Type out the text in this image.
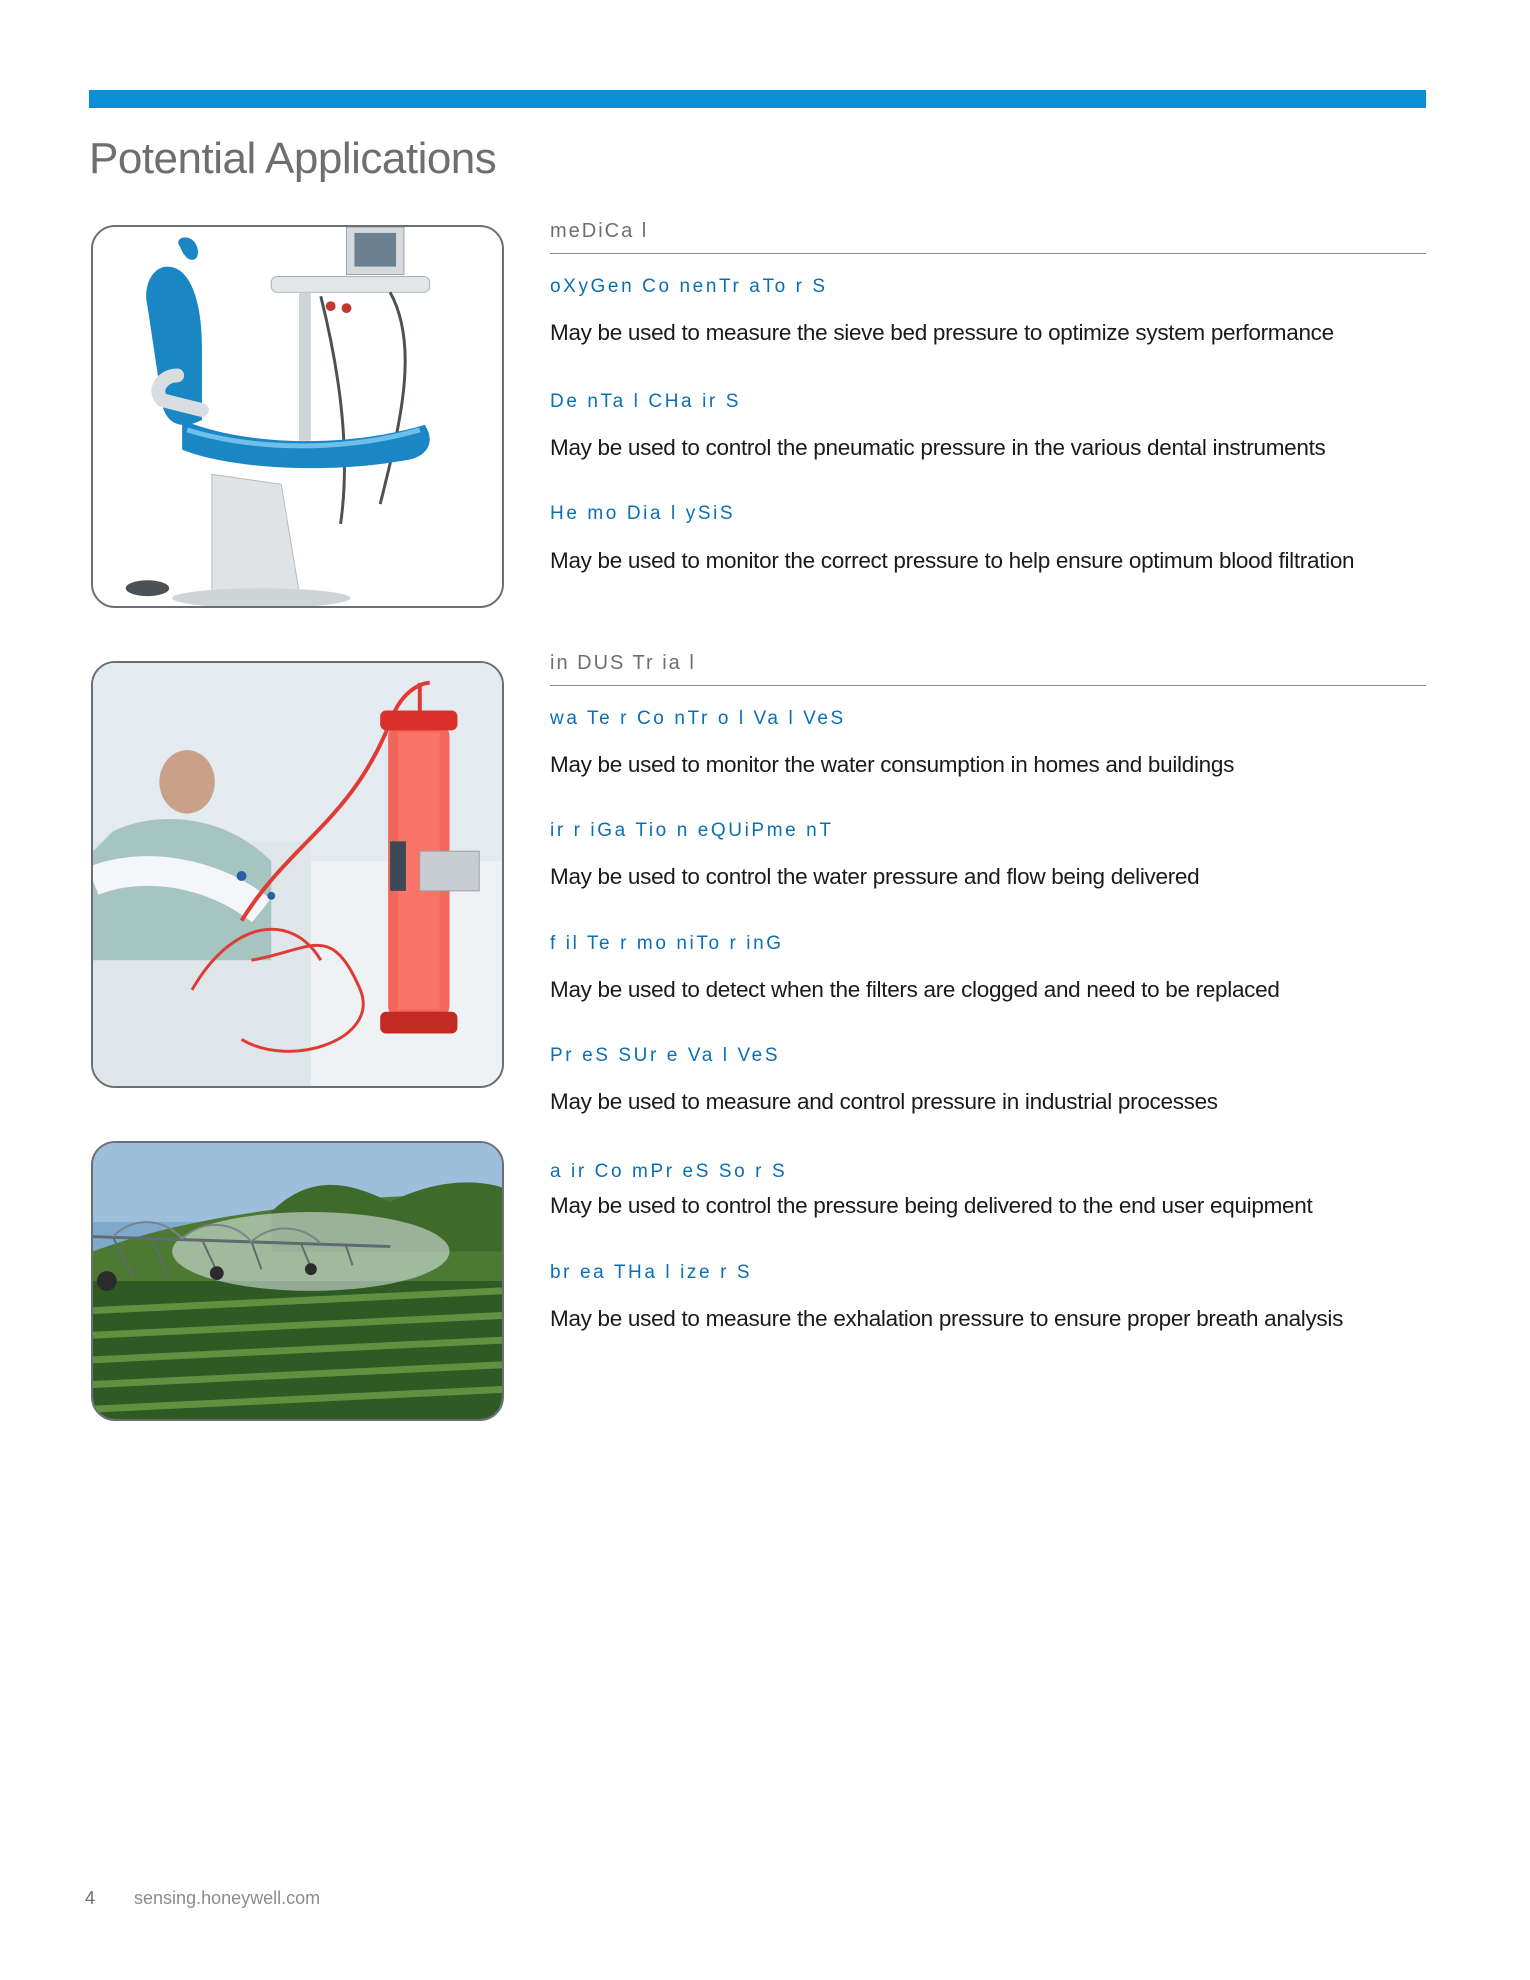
Potential Applications
meDiCa l
oXyGen Co nenTr aTo r S
May be used to measure the sieve bed pressure to optimize system performance
De nTa l CHa ir S
May be used to control the pneumatic pressure in the various dental instruments
He mo Dia l ySiS
May be used to monitor the correct pressure to help ensure optimum blood filtration
in DUS Tr ia l
wa Te r Co nTr o l Va l VeS
May be used to monitor the water consumption in homes and buildings
ir r iGa Tio n eQUiPme nT
May be used to control the water pressure and flow being delivered
f il Te r mo niTo r inG
May be used to detect when the filters are clogged and need to be replaced
Pr eS SUr e Va l VeS
May be used to measure and control pressure in industrial processes
a ir Co mPr eS So r S
May be used to control the pressure being delivered to the end user equipment
br ea THa l ize r S
May be used to measure the exhalation pressure to ensure proper breath analysis
4 sensing.honeywell.com
